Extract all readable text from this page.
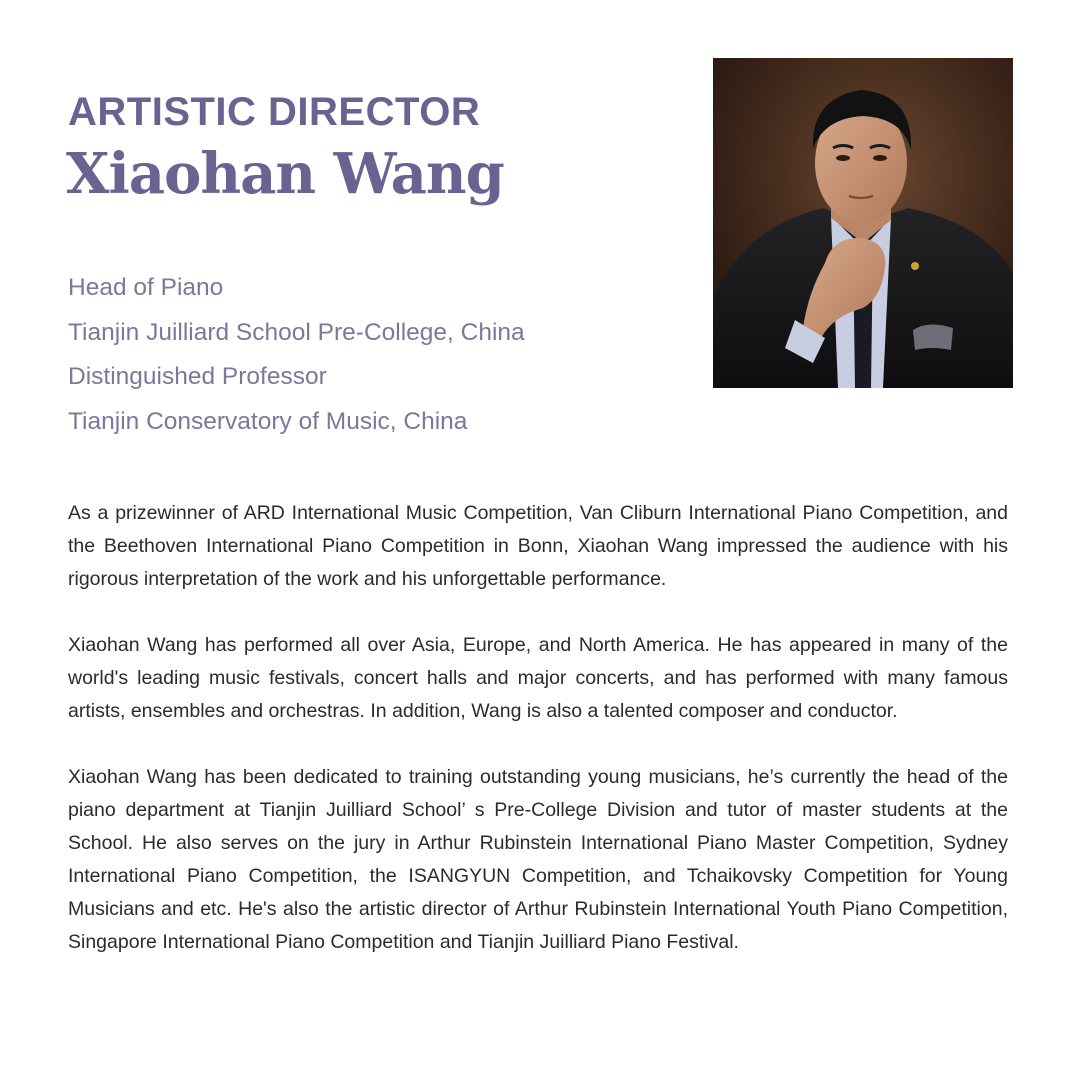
ARTISTIC DIRECTOR
Xiaohan Wang
Head of Piano
Tianjin Juilliard School Pre-College, China
Distinguished Professor
Tianjin Conservatory of Music, China

As a prizewinner of ARD International Music Competition, Van Cliburn International Piano Competition, and the Beethoven International Piano Competition in Bonn, Xiaohan Wang impressed the audience with his rigorous interpretation of the work and his unforgettable performance.

Xiaohan Wang has performed all over Asia, Europe, and North America. He has appeared in many of the world's leading music festivals, concert halls and major concerts, and has performed with many famous artists, ensembles and orchestras. In addition, Wang is also a talented composer and conductor.

Xiaohan Wang has been dedicated to training outstanding young musicians, he’s currently the head of the piano department at Tianjin Juilliard School’ s Pre-College Division and tutor of master students at the School. He also serves on the jury in Arthur Rubinstein International Piano Master Competition, Sydney International Piano Competition, the ISANGYUN Competition, and Tchaikovsky Competition for Young Musicians and etc. He's also the artistic director of Arthur Rubinstein International Youth Piano Competition, Singapore International Piano Competition and Tianjin Juilliard Piano Festival.
